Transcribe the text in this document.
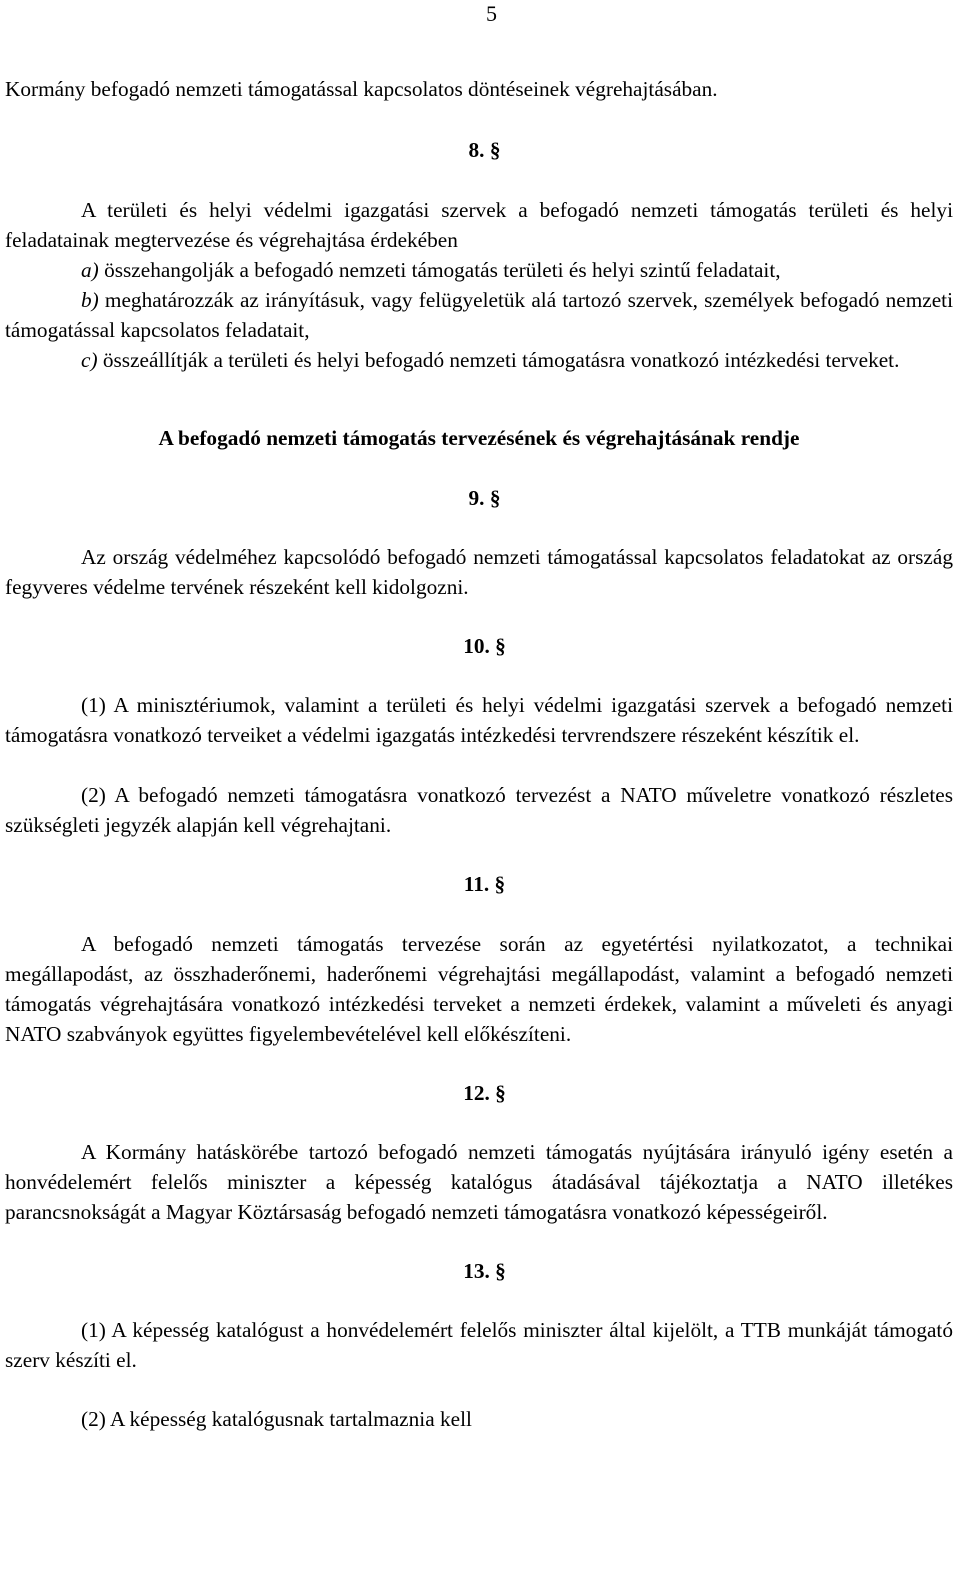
5

Kormány befogadó nemzeti támogatással kapcsolatos döntéseinek végrehajtásában.

8. §

A területi és helyi védelmi igazgatási szervek a befogadó nemzeti támogatás területi és helyi feladatainak megtervezése és végrehajtása érdekében

a) összehangolják a befogadó nemzeti támogatás területi és helyi szintű feladatait,

b) meghatározzák az irányításuk, vagy felügyeletük alá tartozó szervek, személyek befogadó nemzeti támogatással kapcsolatos feladatait,

c) összeállítják a területi és helyi befogadó nemzeti támogatásra vonatkozó intézkedési terveket.

A befogadó nemzeti támogatás tervezésének és végrehajtásának rendje

9. §

Az ország védelméhez kapcsolódó befogadó nemzeti támogatással kapcsolatos feladatokat az ország fegyveres védelme tervének részeként kell kidolgozni.

10. §

(1) A minisztériumok, valamint a területi és helyi védelmi igazgatási szervek a befogadó nemzeti támogatásra vonatkozó terveiket a védelmi igazgatás intézkedési tervrendszere részeként készítik el.

(2) A befogadó nemzeti támogatásra vonatkozó tervezést a NATO műveletre vonatkozó részletes szükségleti jegyzék alapján kell végrehajtani.

11. §

A befogadó nemzeti támogatás tervezése során az egyetértési nyilatkozatot, a technikai megállapodást, az összhaderőnemi, haderőnemi végrehajtási megállapodást, valamint a befogadó nemzeti támogatás végrehajtására vonatkozó intézkedési terveket a nemzeti érdekek, valamint a műveleti és anyagi NATO szabványok együttes figyelembevételével kell előkészíteni.

12. §

A Kormány hatáskörébe tartozó befogadó nemzeti támogatás nyújtására irányuló igény esetén a honvédelemért felelős miniszter a képesség katalógus átadásával tájékoztatja a NATO illetékes parancsnokságát a Magyar Köztársaság befogadó nemzeti támogatásra vonatkozó képességeiről.

13. §

(1) A képesség katalógust a honvédelemért felelős miniszter által kijelölt, a TTB munkáját támogató szerv készíti el.

(2) A képesség katalógusnak tartalmaznia kell
